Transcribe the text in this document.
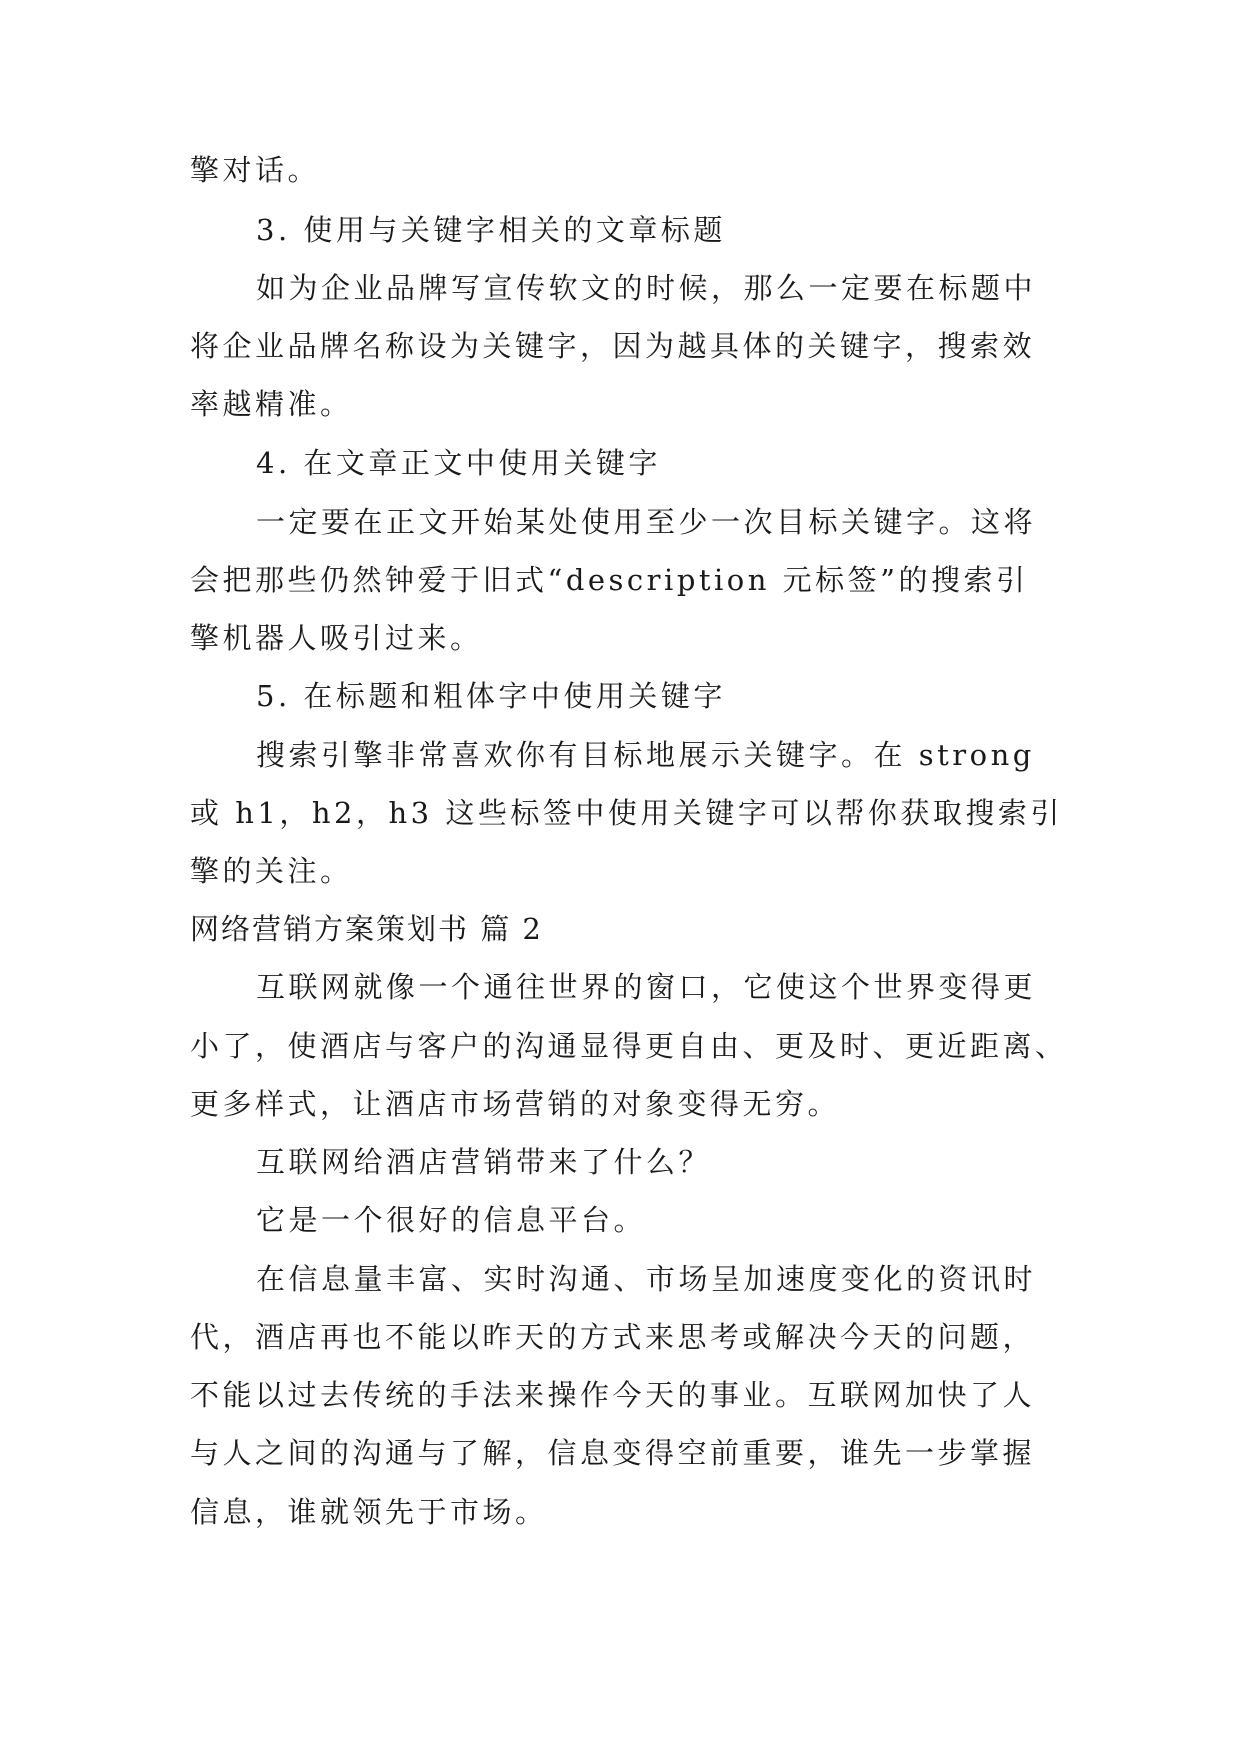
擎对话。
3. 使用与关键字相关的文章标题
如为企业品牌写宣传软文的时候，那么一定要在标题中
将企业品牌名称设为关键字，因为越具体的关键字，搜索效
率越精准。
4. 在文章正文中使用关键字
一定要在正文开始某处使用至少一次目标关键字。这将
会把那些仍然钟爱于旧式“description 元标签”的搜索引
擎机器人吸引过来。
5. 在标题和粗体字中使用关键字
搜索引擎非常喜欢你有目标地展示关键字。在 strong
或 h1，h2，h3 这些标签中使用关键字可以帮你获取搜索引
擎的关注。
网络营销方案策划书 篇 2
互联网就像一个通往世界的窗口，它使这个世界变得更
小了，使酒店与客户的沟通显得更自由、更及时、更近距离、
更多样式，让酒店市场营销的对象变得无穷。
互联网给酒店营销带来了什么？
它是一个很好的信息平台。
在信息量丰富、实时沟通、市场呈加速度变化的资讯时
代，酒店再也不能以昨天的方式来思考或解决今天的问题，
不能以过去传统的手法来操作今天的事业。互联网加快了人
与人之间的沟通与了解，信息变得空前重要，谁先一步掌握
信息，谁就领先于市场。
